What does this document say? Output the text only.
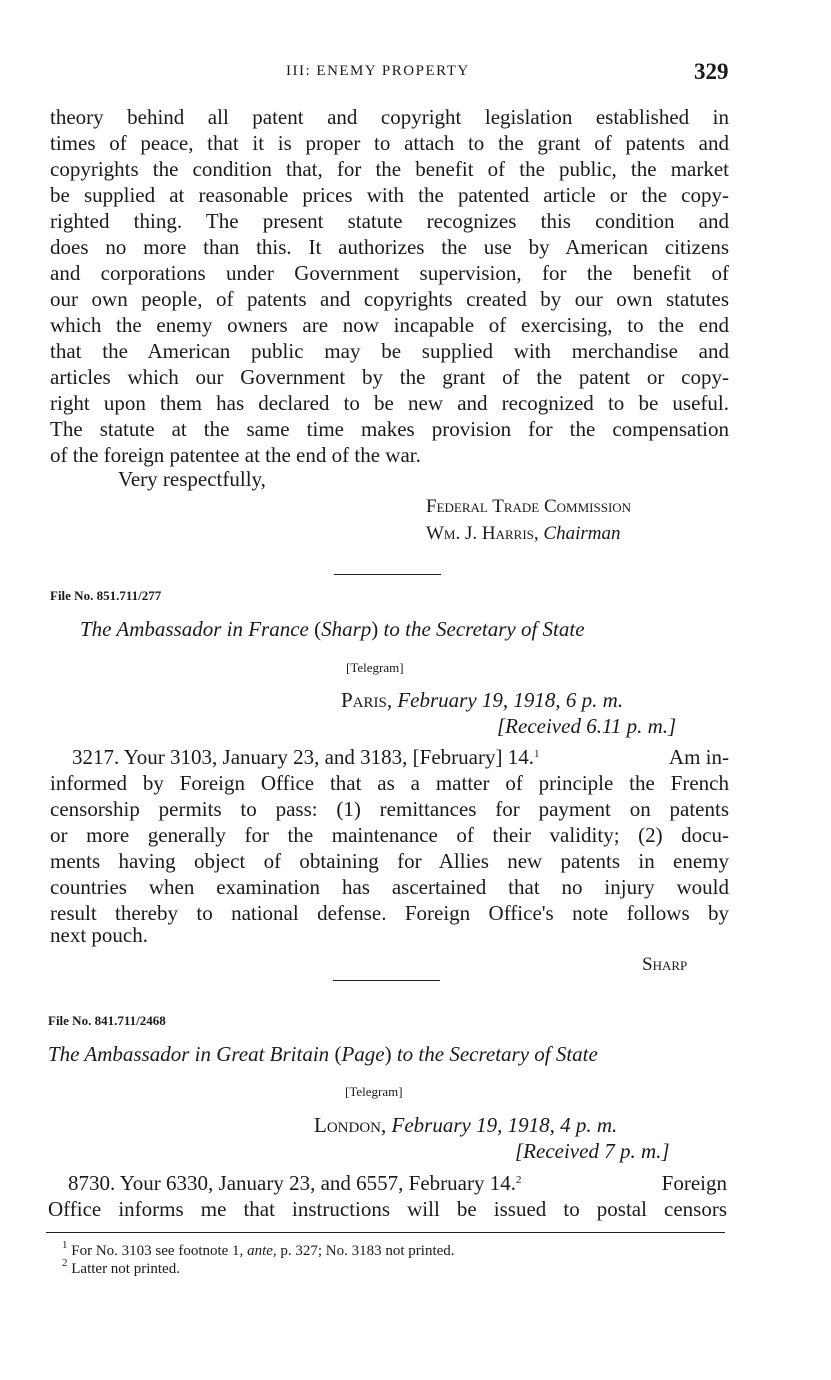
III: ENEMY PROPERTY	329
theory behind all patent and copyright legislation established in
times of peace, that it is proper to attach to the grant of patents and
copyrights the condition that, for the benefit of the public, the market
be supplied at reasonable prices with the patented article or the copy-
righted thing. The present statute recognizes this condition and
does no more than this. It authorizes the use by American citizens
and corporations under Government supervision, for the benefit of
our own people, of patents and copyrights created by our own statutes
which the enemy owners are now incapable of exercising, to the end
that the American public may be supplied with merchandise and
articles which our Government by the grant of the patent or copy-
right upon them has declared to be new and recognized to be useful.
The statute at the same time makes provision for the compensation
of the foreign patentee at the end of the war.
Very respectfully,
Federal Trade Commission
Wm. J. Harris, Chairman
File No. 851.711/277
The Ambassador in France (Sharp) to the Secretary of State
[Telegram]
Paris, February 19, 1918, 6 p. m.
[Received 6.11 p. m.]
3217. Your 3103, January 23, and 3183, [February] 14.$^1$	Am in-
informed by Foreign Office that as a matter of principle the French
censorship permits to pass: (1) remittances for payment on patents
or more generally for the maintenance of their validity; (2) docu-
ments having object of obtaining for Allies new patents in enemy
countries when examination has ascertained that no injury would
result thereby to national defense. Foreign Office's note follows by
next pouch.
Sharp
File No. 841.711/2468
The Ambassador in Great Britain (Page) to the Secretary of State
[Telegram]
London, February 19, 1918, 4 p. m.
[Received 7 p. m.]
8730. Your 6330, January 23, and 6557, February 14.$^2$	Foreign
Office informs me that instructions will be issued to postal censors
$^1$ For No. 3103 see footnote 1, ante, p. 327; No. 3183 not printed.
$^2$ Latter not printed.
